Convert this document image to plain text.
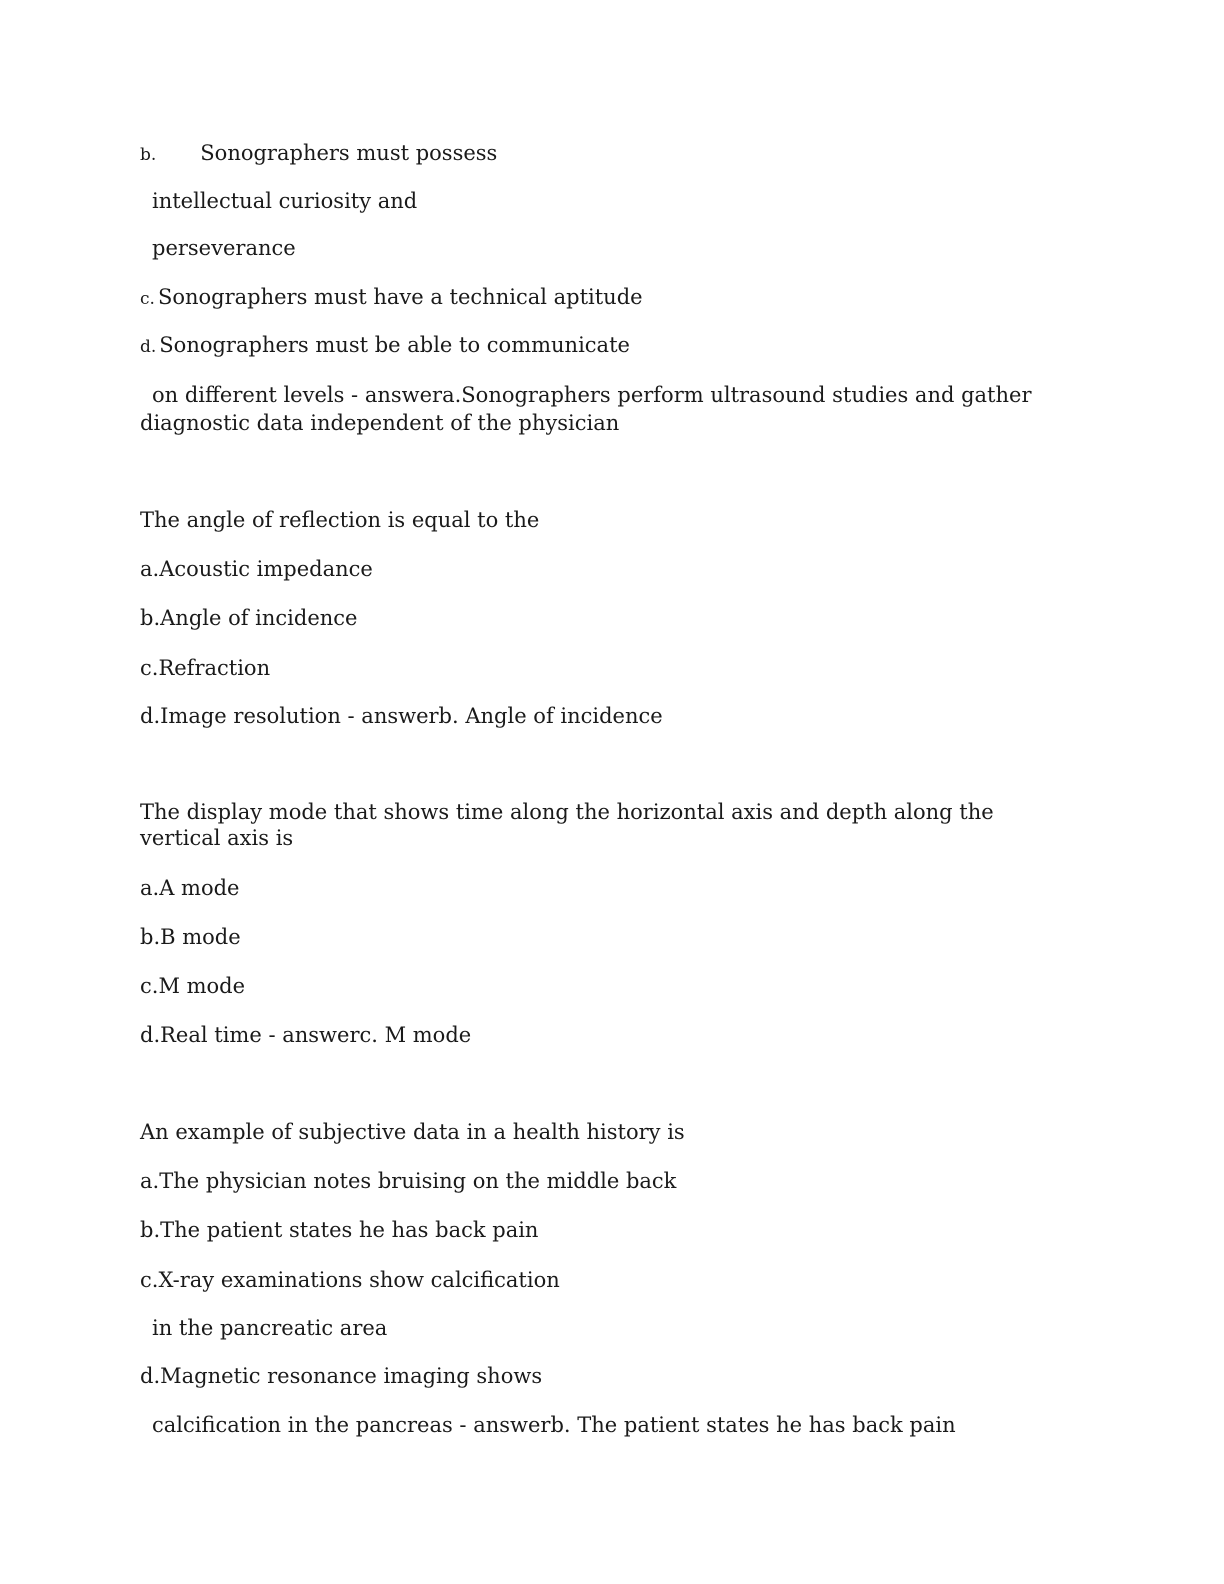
b. Sonographers must possess
intellectual curiosity and
perseverance
c. Sonographers must have a technical aptitude
d. Sonographers must be able to communicate
on different levels - answera.Sonographers perform ultrasound studies and gather diagnostic data independent of the physician
The angle of reflection is equal to the
a.Acoustic impedance
b.Angle of incidence
c.Refraction
d.Image resolution - answerb. Angle of incidence
The display mode that shows time along the horizontal axis and depth along the vertical axis is
a.A mode
b.B mode
c.M mode
d.Real time - answerc. M mode
An example of subjective data in a health history is
a.The physician notes bruising on the middle back
b.The patient states he has back pain
c.X-ray examinations show calcification
in the pancreatic area
d.Magnetic resonance imaging shows
calcification in the pancreas - answerb. The patient states he has back pain
